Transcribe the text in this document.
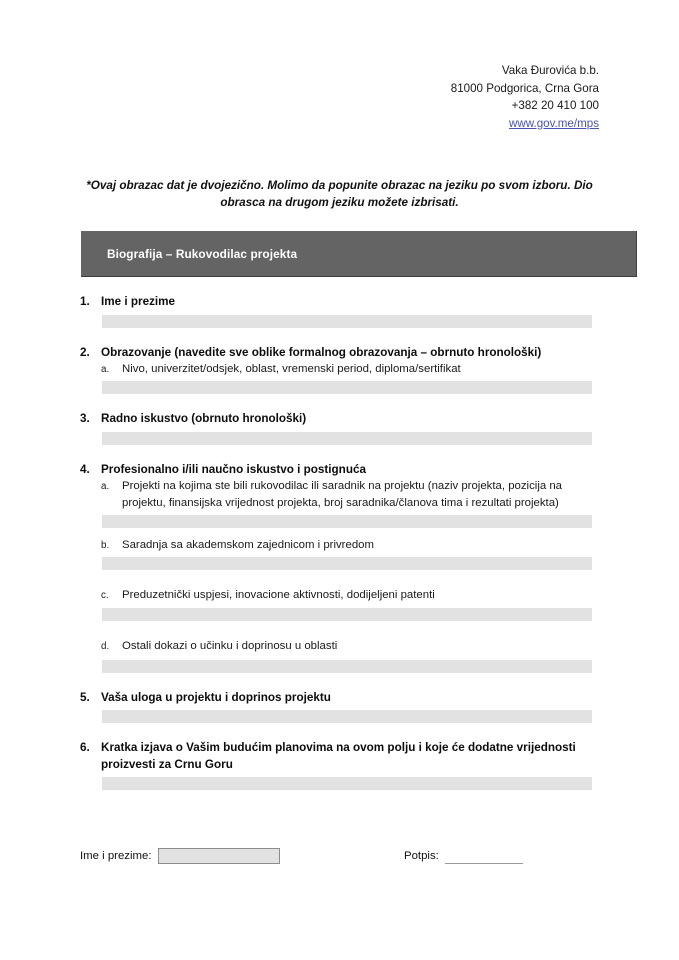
Vaka Đurovića b.b.
81000 Podgorica, Crna Gora
+382 20 410 100
www.gov.me/mps
*Ovaj obrazac dat je dvojezično. Molimo da popunite obrazac na jeziku po svom izboru. Dio obrasca na drugom jeziku možete izbrisati.
Biografija – Rukovodilac projekta
1. Ime i prezime
2. Obrazovanje (navedite sve oblike formalnog obrazovanja – obrnuto hronološki)
a. Nivo, univerzitet/odsjek, oblast, vremenski period, diploma/sertifikat
3. Radno iskustvo (obrnuto hronološki)
4. Profesionalno i/ili naučno iskustvo i postignuća
a. Projekti na kojima ste bili rukovodilac ili saradnik na projektu (naziv projekta, pozicija na projektu, finansijska vrijednost projekta, broj saradnika/članova tima i rezultati projekta)
b. Saradnja sa akademskom zajednicom i privredom
c. Preduzetnički uspjesi, inovacione aktivnosti, dodijeljeni patenti
d. Ostali dokazi o učinku i doprinosu u oblasti
5. Vaša uloga u projektu i doprinos projektu
6. Kratka izjava o Vašim budućim planovima na ovom polju i koje će dodatne vrijednosti proizvesti za Crnu Goru
Ime i prezime:	Potpis:
